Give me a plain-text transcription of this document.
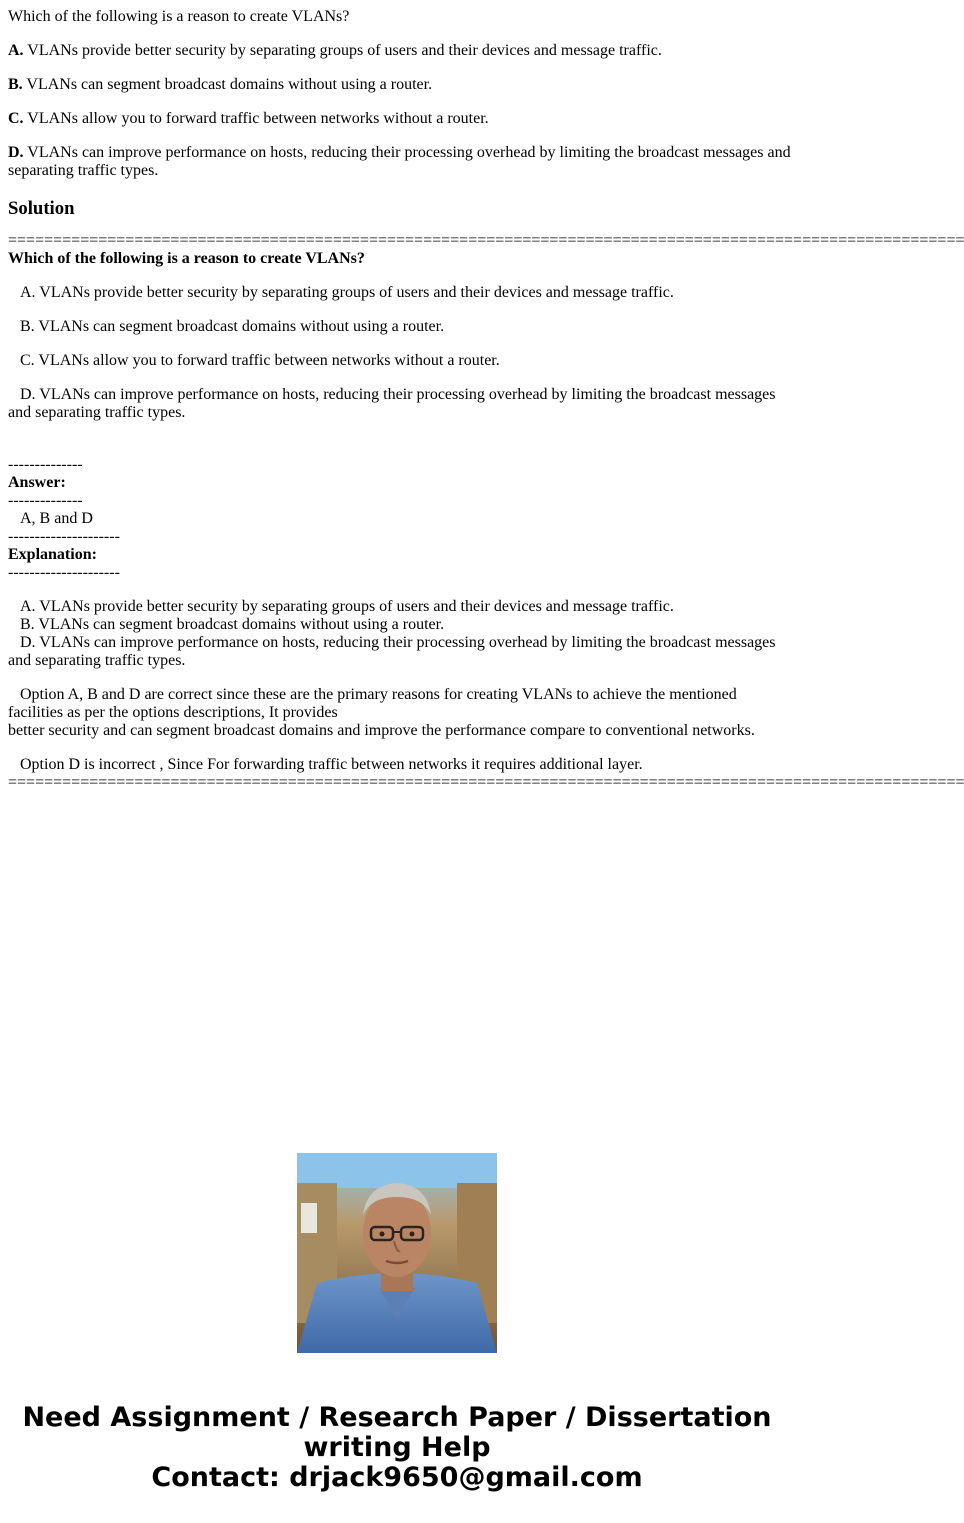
Which of the following is a reason to create VLANs?

A. VLANs provide better security by separating groups of users and their devices and message traffic.

B. VLANs can segment broadcast domains without using a router.

C. VLANs allow you to forward traffic between networks without a router.

D. VLANs can improve performance on hosts, reducing their processing overhead by limiting the broadcast messages and separating traffic types.

Solution
==========================================================================================================

Which of the following is a reason to create VLANs?

A. VLANs provide better security by separating groups of users and their devices and message traffic.

B. VLANs can segment broadcast domains without using a router.

C. VLANs allow you to forward traffic between networks without a router.

D. VLANs can improve performance on hosts, reducing their processing overhead by limiting the broadcast messages and separating traffic types.

--------------

Answer:

--------------

A, B and D

---------------------

Explanation:

---------------------

A. VLANs provide better security by separating groups of users and their devices and message traffic.

B. VLANs can segment broadcast domains without using a router.

D. VLANs can improve performance on hosts, reducing their processing overhead by limiting the broadcast messages and separating traffic types.

Option A, B and D are correct since these are the primary reasons for creating VLANs to achieve the mentioned facilities as per the options descriptions, It provides

better security and can segment broadcast domains and improve the performance compare to conventional networks.

Option D is incorrect , Since For forwarding traffic between networks it requires additional layer.

==========================================================================================================
Need Assignment / Research Paper / Dissertation
writing Help
Contact: drjack9650@gmail.com
